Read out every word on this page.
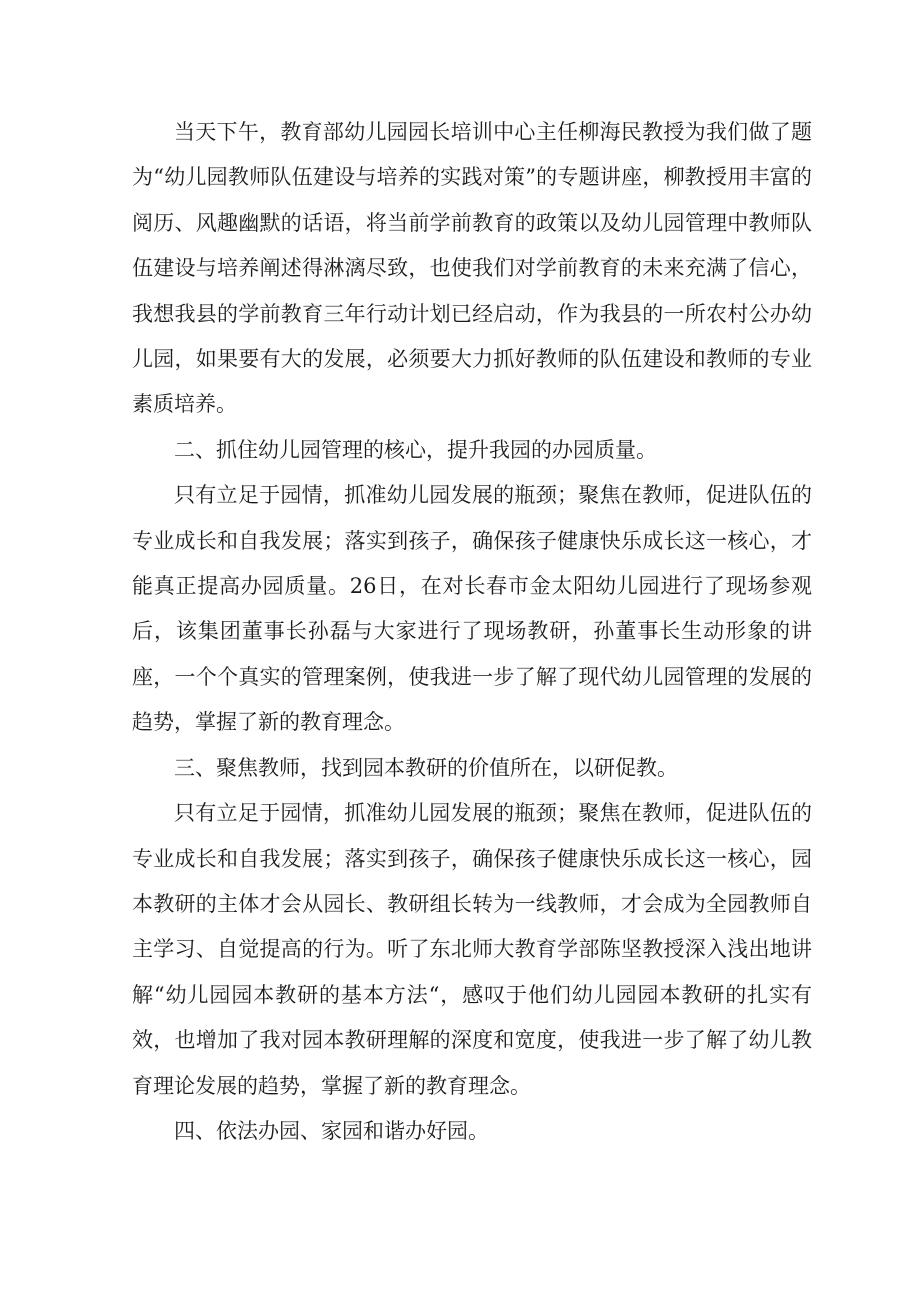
当天下午，教育部幼儿园园长培训中心主任柳海民教授为我们做了题为“幼儿园教师队伍建设与培养的实践对策”的专题讲座，柳教授用丰富的阅历、风趣幽默的话语，将当前学前教育的政策以及幼儿园管理中教师队伍建设与培养阐述得淋漓尽致，也使我们对学前教育的未来充满了信心，我想我县的学前教育三年行动计划已经启动，作为我县的一所农村公办幼儿园，如果要有大的发展，必须要大力抓好教师的队伍建设和教师的专业素质培养。

二、抓住幼儿园管理的核心，提升我园的办园质量。

只有立足于园情，抓准幼儿园发展的瓶颈；聚焦在教师，促进队伍的专业成长和自我发展；落实到孩子，确保孩子健康快乐成长这一核心，才能真正提高办园质量。26日，在对长春市金太阳幼儿园进行了现场参观后，该集团董事长孙磊与大家进行了现场教研，孙董事长生动形象的讲座，一个个真实的管理案例，使我进一步了解了现代幼儿园管理的发展的趋势，掌握了新的教育理念。

三、聚焦教师，找到园本教研的价值所在，以研促教。

只有立足于园情，抓准幼儿园发展的瓶颈；聚焦在教师，促进队伍的专业成长和自我发展；落实到孩子，确保孩子健康快乐成长这一核心，园本教研的主体才会从园长、教研组长转为一线教师，才会成为全园教师自主学习、自觉提高的行为。听了东北师大教育学部陈坚教授深入浅出地讲解“幼儿园园本教研的基本方法“，感叹于他们幼儿园园本教研的扎实有效，也增加了我对园本教研理解的深度和宽度，使我进一步了解了幼儿教育理论发展的趋势，掌握了新的教育理念。

四、依法办园、家园和谐办好园。
